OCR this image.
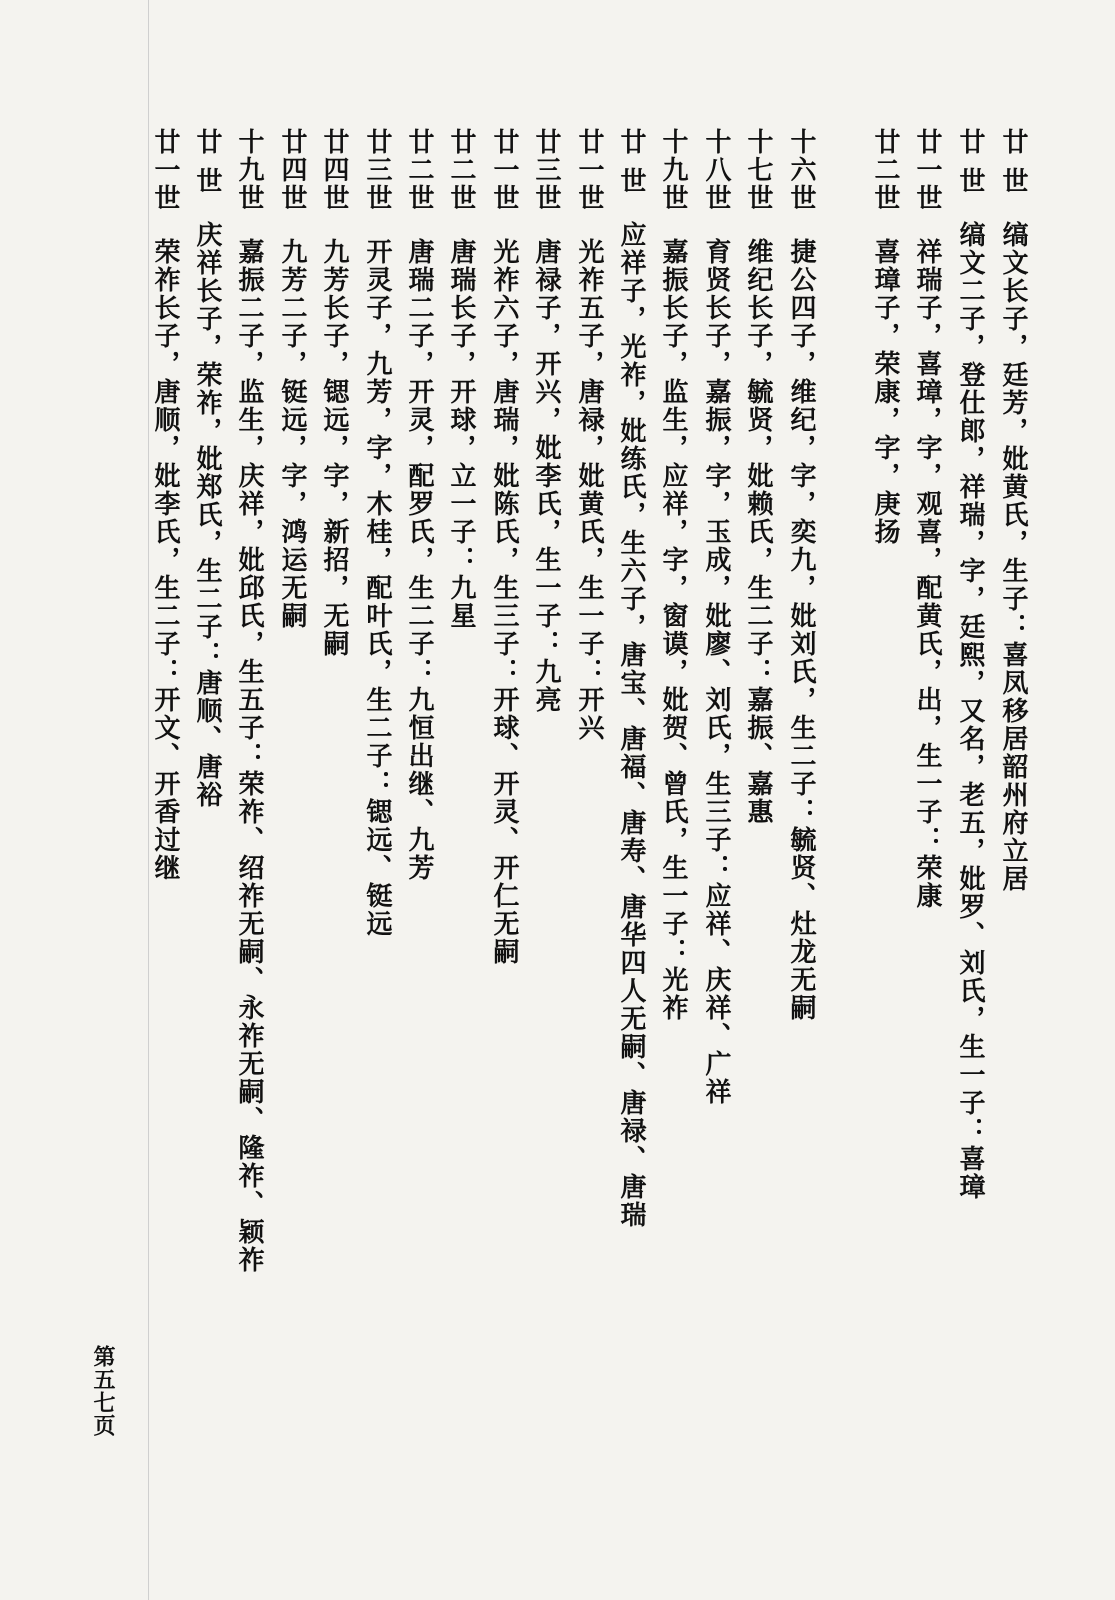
廿 世缟文长子，廷芳，妣黄氏，生子：喜凤移居韶州府立居
廿 世缟文二子，登仕郎，祥瑞，字，廷熙，又名，老五，妣罗、刘氏，生一子：喜璋
廿一世祥瑞子，喜璋，字，观喜，配黄氏，出，生一子：荣康
廿二世喜璋子，荣康，字，庚扬
十六世捷公四子，维纪，字，奕九，妣刘氏，生二子：毓贤、灶龙无嗣
十七世维纪长子，毓贤，妣赖氏，生二子：嘉振、嘉惠
十八世育贤长子，嘉振，字，玉成，妣廖、刘氏，生三子：应祥、庆祥、广祥
十九世嘉振长子，监生，应祥，字，窗谟，妣贺、曾氏，生一子：光祚
廿 世应祥子，光祚，妣练氏，生六子，唐宝、唐福、唐寿、唐华四人无嗣、唐禄、唐瑞
廿一世光祚五子，唐禄，妣黄氏，生一子：开兴
廿三世唐禄子，开兴，妣李氏，生一子：九亮
廿一世光祚六子，唐瑞，妣陈氏，生三子：开球、开灵、开仁无嗣
廿二世唐瑞长子，开球，立一子：九星
廿二世唐瑞二子，开灵，配罗氏，生二子：九恒出继、九芳
廿三世开灵子，九芳，字，木桂，配叶氏，生二子：锶远、铤远
廿四世九芳长子，锶远，字，新招，无嗣
廿四世九芳二子，铤远，字，鸿运无嗣
十九世嘉振二子，监生，庆祥，妣邱氏，生五子：荣祚、绍祚无嗣、永祚无嗣、隆祚、颖祚
廿 世庆祥长子，荣祚，妣郑氏，生二子：唐顺、唐裕
廿一世荣祚长子，唐顺，妣李氏，生二子：开文、开香过继
第五七页
